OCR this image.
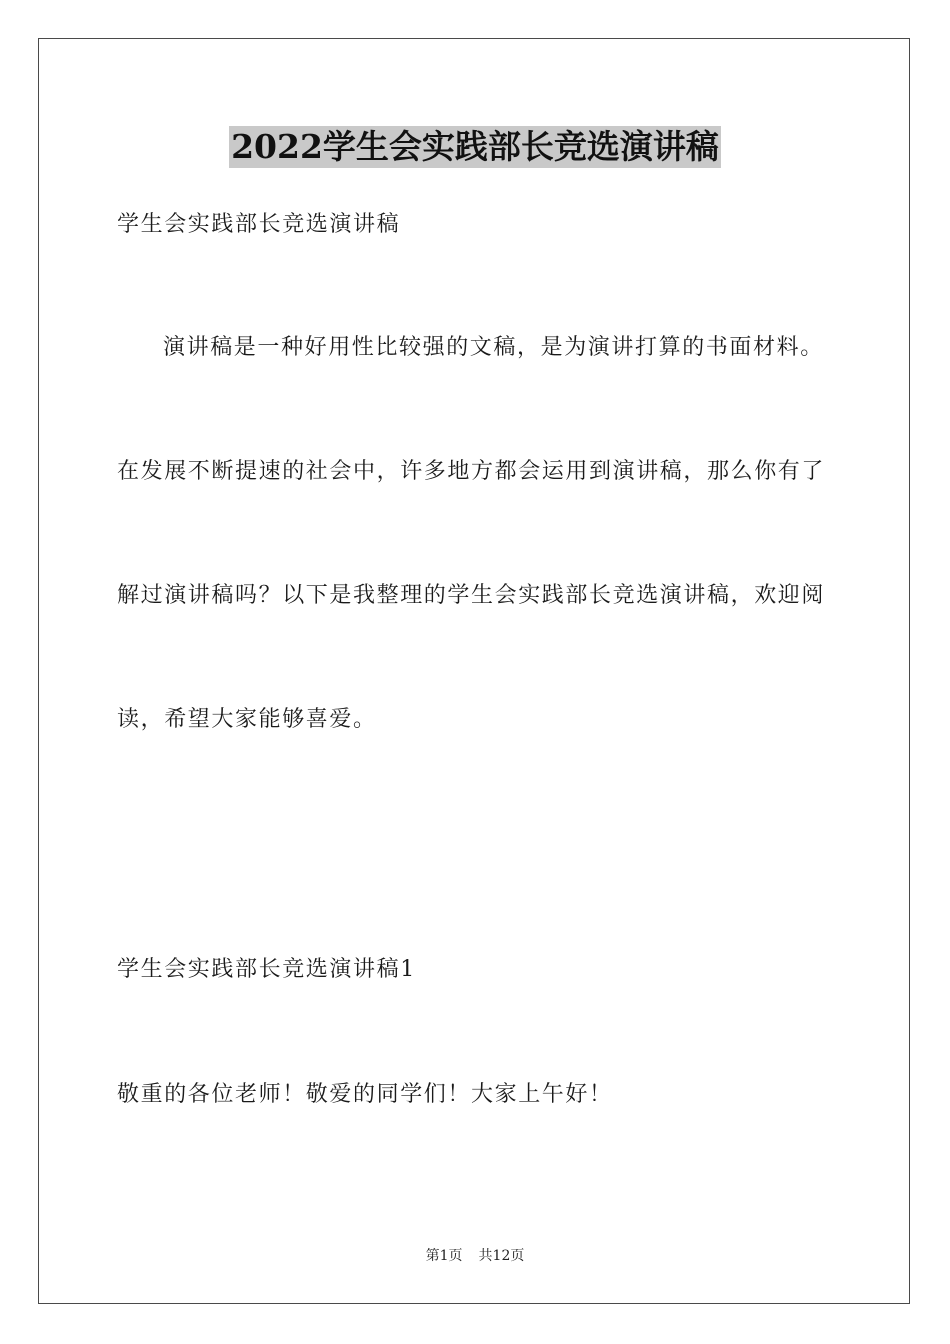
2022学生会实践部长竞选演讲稿

学生会实践部长竞选演讲稿

演讲稿是一种好用性比较强的文稿，是为演讲打算的书面材料。

在发展不断提速的社会中，许多地方都会运用到演讲稿，那么你有了

解过演讲稿吗？以下是我整理的学生会实践部长竞选演讲稿，欢迎阅

读，希望大家能够喜爱。

学生会实践部长竞选演讲稿1

敬重的各位老师！敬爱的同学们！大家上午好！

第1页 共12页
